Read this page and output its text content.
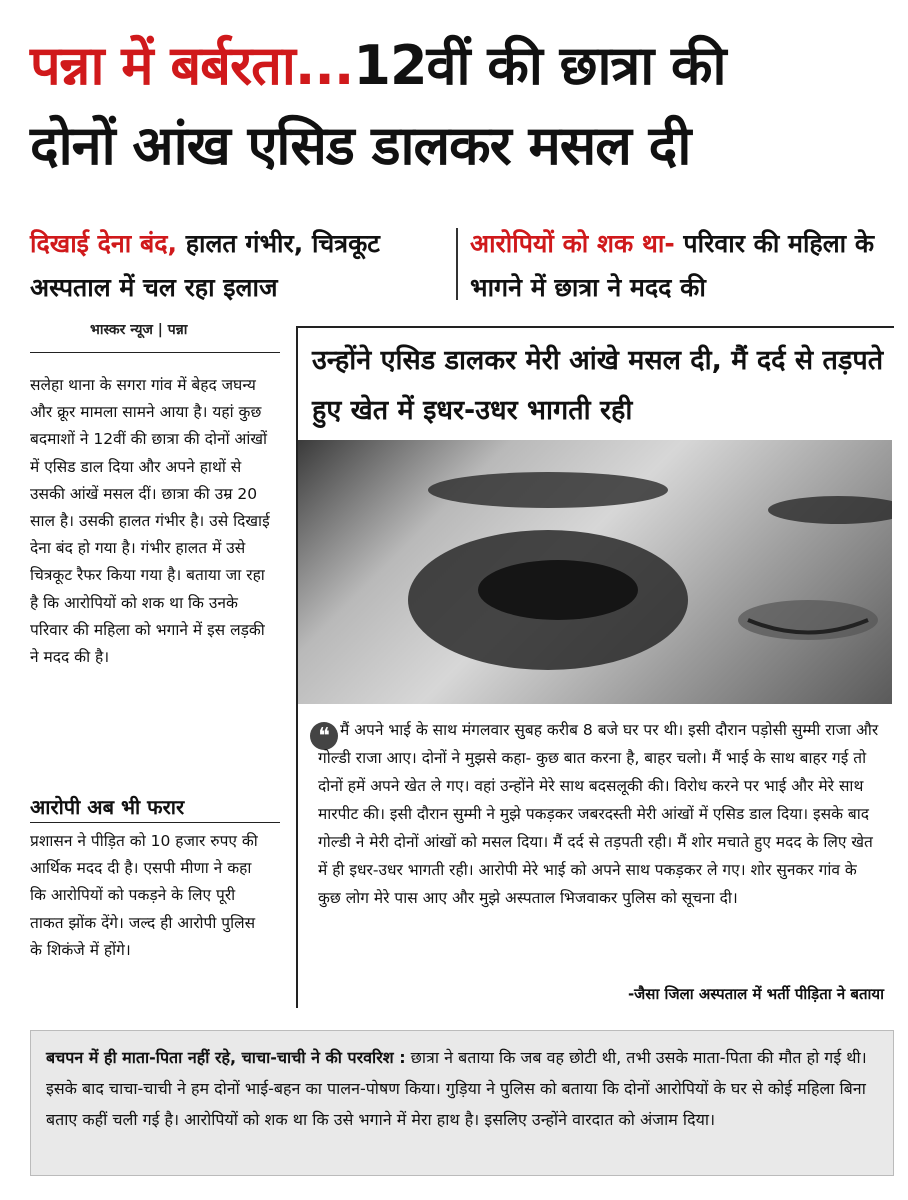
पन्ना में बर्बरता...12वीं की छात्रा की
दोनों आंख एसिड डालकर मसल दी
दिखाई देना बंद, हालत गंभीर, चित्रकूट अस्पताल में चल रहा इलाज
आरोपियों को शक था- परिवार की महिला के भागने में छात्रा ने मदद की
भास्कर न्यूज | पन्ना
सलेहा थाना के सगरा गांव में बेहद जघन्य और क्रूर मामला सामने आया है। यहां कुछ बदमाशों ने 12वीं की छात्रा की दोनों आंखों में एसिड डाल दिया और अपने हाथों से उसकी आंखें मसल दीं। छात्रा की उम्र 20 साल है। उसकी हालत गंभीर है। उसे दिखाई देना बंद हो गया है। गंभीर हालत में उसे चित्रकूट रैफर किया गया है। बताया जा रहा है कि आरोपियों को शक था कि उनके परिवार की महिला को भगाने में इस लड़की ने मदद की है।
आरोपी अब भी फरार
प्रशासन ने पीड़ित को 10 हजार रुपए की आर्थिक मदद दी है। एसपी मीणा ने कहा कि आरोपियों को पकड़ने के लिए पूरी ताकत झोंक देंगे। जल्द ही आरोपी पुलिस के शिकंजे में होंगे।
उन्होंने एसिड डालकर मेरी आंखे मसल दी, मैं दर्द से तड़पते हुए खेत में इधर-उधर भागती रही
❝ मैं अपने भाई के साथ मंगलवार सुबह करीब 8 बजे घर पर थी। इसी दौरान पड़ोसी सुम्मी राजा और गोल्डी राजा आए। दोनों ने मुझसे कहा- कुछ बात करना है, बाहर चलो। मैं भाई के साथ बाहर गई तो दोनों हमें अपने खेत ले गए। वहां उन्होंने मेरे साथ बदसलूकी की। विरोध करने पर भाई और मेरे साथ मारपीट की। इसी दौरान सुम्मी ने मुझे पकड़कर जबरदस्ती मेरी आंखों में एसिड डाल दिया। इसके बाद गोल्डी ने मेरी दोनों आंखों को मसल दिया। मैं दर्द से तड़पती रही। मैं शोर मचाते हुए मदद के लिए खेत में ही इधर-उधर भागती रही। आरोपी मेरे भाई को अपने साथ पकड़कर ले गए। शोर सुनकर गांव के कुछ लोग मेरे पास आए और मुझे अस्पताल भिजवाकर पुलिस को सूचना दी।
-जैसा जिला अस्पताल में भर्ती पीड़िता ने बताया
बचपन में ही माता-पिता नहीं रहे, चाचा-चाची ने की परवरिश : छात्रा ने बताया कि जब वह छोटी थी, तभी उसके माता-पिता की मौत हो गई थी। इसके बाद चाचा-चाची ने हम दोनों भाई-बहन का पालन-पोषण किया। गुड़िया ने पुलिस को बताया कि दोनों आरोपियों के घर से कोई महिला बिना बताए कहीं चली गई है। आरोपियों को शक था कि उसे भगाने में मेरा हाथ है। इसलिए उन्होंने वारदात को अंजाम दिया।
